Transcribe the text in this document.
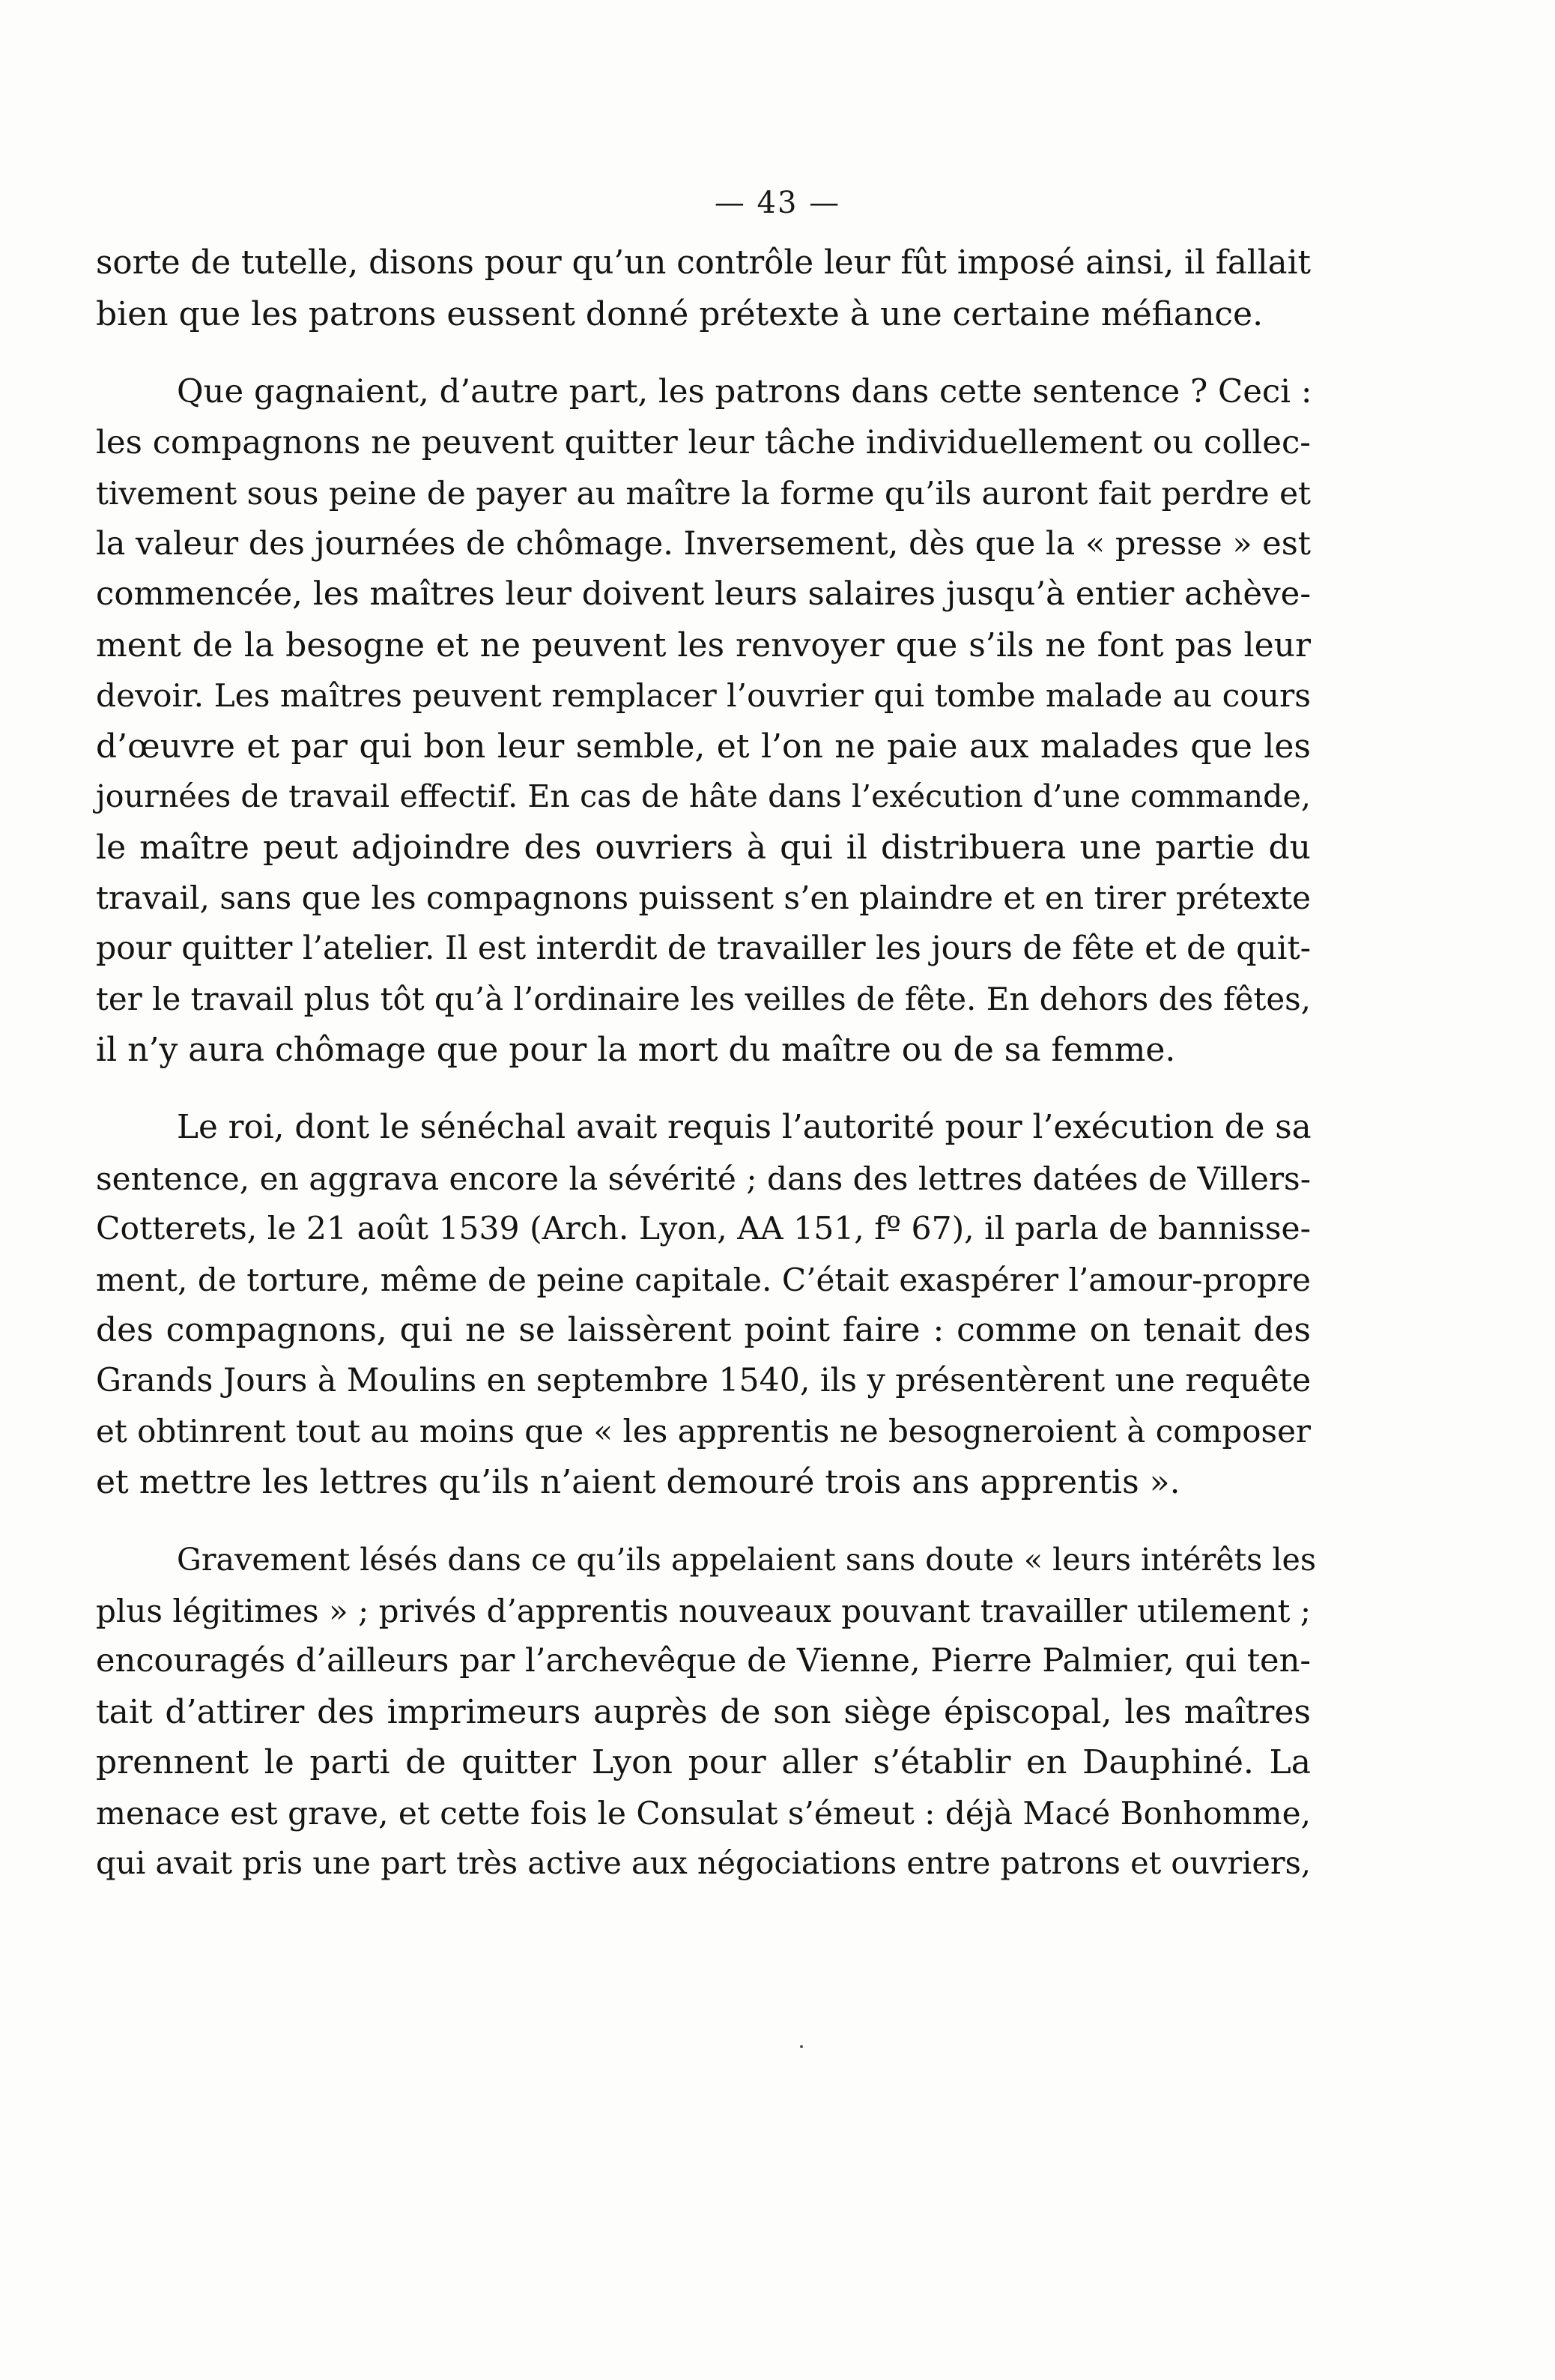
— 43 —

sorte de tutelle, disons pour qu’un contrôle leur fût imposé ainsi, il fallait
bien que les patrons eussent donné prétexte à une certaine méfiance.

Que gagnaient, d’autre part, les patrons dans cette sentence ? Ceci :
les compagnons ne peuvent quitter leur tâche individuellement ou collec-
tivement sous peine de payer au maître la forme qu’ils auront fait perdre et
la valeur des journées de chômage. Inversement, dès que la « presse » est
commencée, les maîtres leur doivent leurs salaires jusqu’à entier achève-
ment de la besogne et ne peuvent les renvoyer que s’ils ne font pas leur
devoir. Les maîtres peuvent remplacer l’ouvrier qui tombe malade au cours
d’œuvre et par qui bon leur semble, et l’on ne paie aux malades que les
journées de travail effectif. En cas de hâte dans l’exécution d’une commande,
le maître peut adjoindre des ouvriers à qui il distribuera une partie du
travail, sans que les compagnons puissent s’en plaindre et en tirer prétexte
pour quitter l’atelier. Il est interdit de travailler les jours de fête et de quit-
ter le travail plus tôt qu’à l’ordinaire les veilles de fête. En dehors des fêtes,
il n’y aura chômage que pour la mort du maître ou de sa femme.

Le roi, dont le sénéchal avait requis l’autorité pour l’exécution de sa
sentence, en aggrava encore la sévérité ; dans des lettres datées de Villers-
Cotterets, le 21 août 1539 (Arch. Lyon, AA 151, fº 67), il parla de bannisse-
ment, de torture, même de peine capitale. C’était exaspérer l’amour-propre
des compagnons, qui ne se laissèrent point faire : comme on tenait des
Grands Jours à Moulins en septembre 1540, ils y présentèrent une requête
et obtinrent tout au moins que « les apprentis ne besogneroient à composer
et mettre les lettres qu’ils n’aient demouré trois ans apprentis ».

Gravement lésés dans ce qu’ils appelaient sans doute « leurs intérêts les
plus légitimes » ; privés d’apprentis nouveaux pouvant travailler utilement ;
encouragés d’ailleurs par l’archevêque de Vienne, Pierre Palmier, qui ten-
tait d’attirer des imprimeurs auprès de son siège épiscopal, les maîtres
prennent le parti de quitter Lyon pour aller s’établir en Dauphiné. La
menace est grave, et cette fois le Consulat s’émeut : déjà Macé Bonhomme,
qui avait pris une part très active aux négociations entre patrons et ouvriers,
